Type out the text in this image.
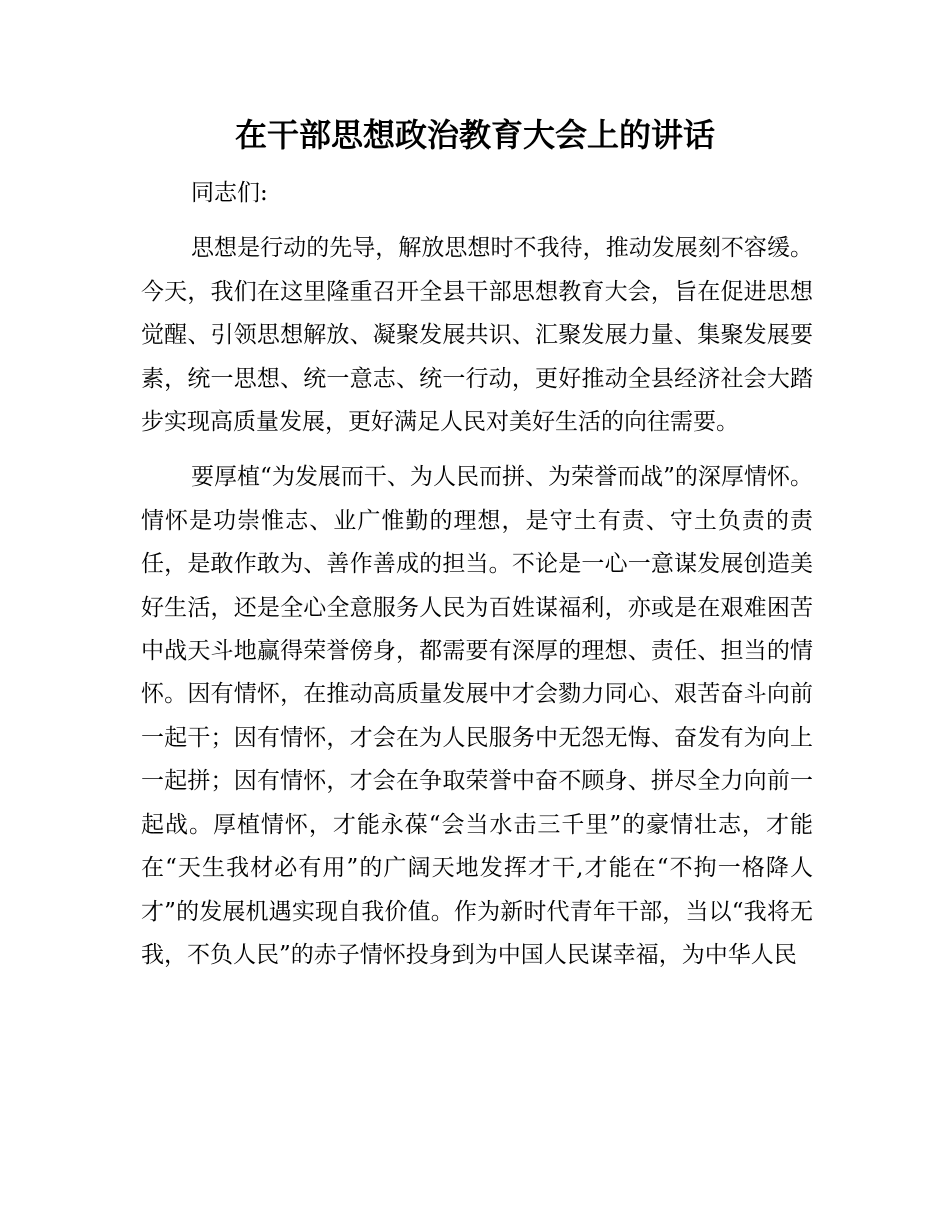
在干部思想政治教育大会上的讲话

同志们:

思想是行动的先导，解放思想时不我待，推动发展刻不容缓。今天，我们在这里隆重召开全县干部思想教育大会，旨在促进思想觉醒、引领思想解放、凝聚发展共识、汇聚发展力量、集聚发展要素，统一思想、统一意志、统一行动，更好推动全县经济社会大踏步实现高质量发展，更好满足人民对美好生活的向往需要。

要厚植“为发展而干、为人民而拼、为荣誉而战”的深厚情怀。情怀是功崇惟志、业广惟勤的理想，是守土有责、守土负责的责任，是敢作敢为、善作善成的担当。不论是一心一意谋发展创造美好生活，还是全心全意服务人民为百姓谋福利，亦或是在艰难困苦中战天斗地赢得荣誉傍身，都需要有深厚的理想、责任、担当的情怀。因有情怀，在推动高质量发展中才会勠力同心、艰苦奋斗向前一起干；因有情怀，才会在为人民服务中无怨无悔、奋发有为向上一起拼；因有情怀，才会在争取荣誉中奋不顾身、拼尽全力向前一起战。厚植情怀，才能永葆“会当水击三千里”的豪情壮志，才能在“天生我材必有用”的广阔天地发挥才干,才能在“不拘一格降人才”的发展机遇实现自我价值。作为新时代青年干部，当以“我将无我，不负人民”的赤子情怀投身到为中国人民谋幸福，为中华人民
